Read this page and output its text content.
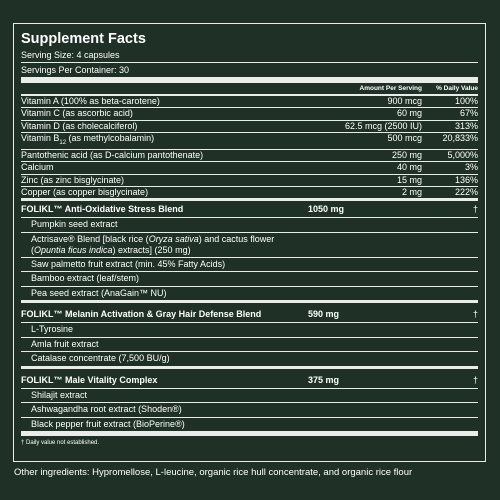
Supplement Facts
Serving Size: 4 capsules
Servings Per Container: 30
Amount Per Serving	% Daily Value
Vitamin A (100% as beta-carotene)	900 mcg	100%
Vitamin C (as ascorbic acid)	60 mg	67%
Vitamin D (as cholecalciferol)	62.5 mcg (2500 IU)	313%
Vitamin $B_{12}$ (as methylcobalamin)	500 mcg	20,833%
Pantothenic acid (as D-calcium pantothenate)	250 mg	5,000%
Calcium	40 mg	3%
Zinc (as zinc bisglycinate)	15 mg	136%
Copper (as copper bisglycinate)	2 mg	222%
FOLIKL™ Anti-Oxidative Stress Blend	1050 mg	†
Pumpkin seed extract
Actrisave® Blend [black rice (Oryza sativa) and cactus flower
(Opuntia ficus indica) extracts] (250 mg)
Saw palmetto fruit extract (min. 45% Fatty Acids)
Bamboo extract (leaf/stem)
Pea seed extract (AnaGain™ NU)
FOLIKL™ Melanin Activation & Gray Hair Defense Blend	590 mg	†
L-Tyrosine
Amla fruit extract
Catalase concentrate (7,500 BU/g)
FOLIKL™ Male Vitality Complex	375 mg	†
Shilajit extract
Ashwagandha root extract (Shoden®)
Black pepper fruit extract (BioPerine®)
† Daily value not established.
Other ingredients: Hypromellose, L-leucine, organic rice hull concentrate, and organic rice flour
